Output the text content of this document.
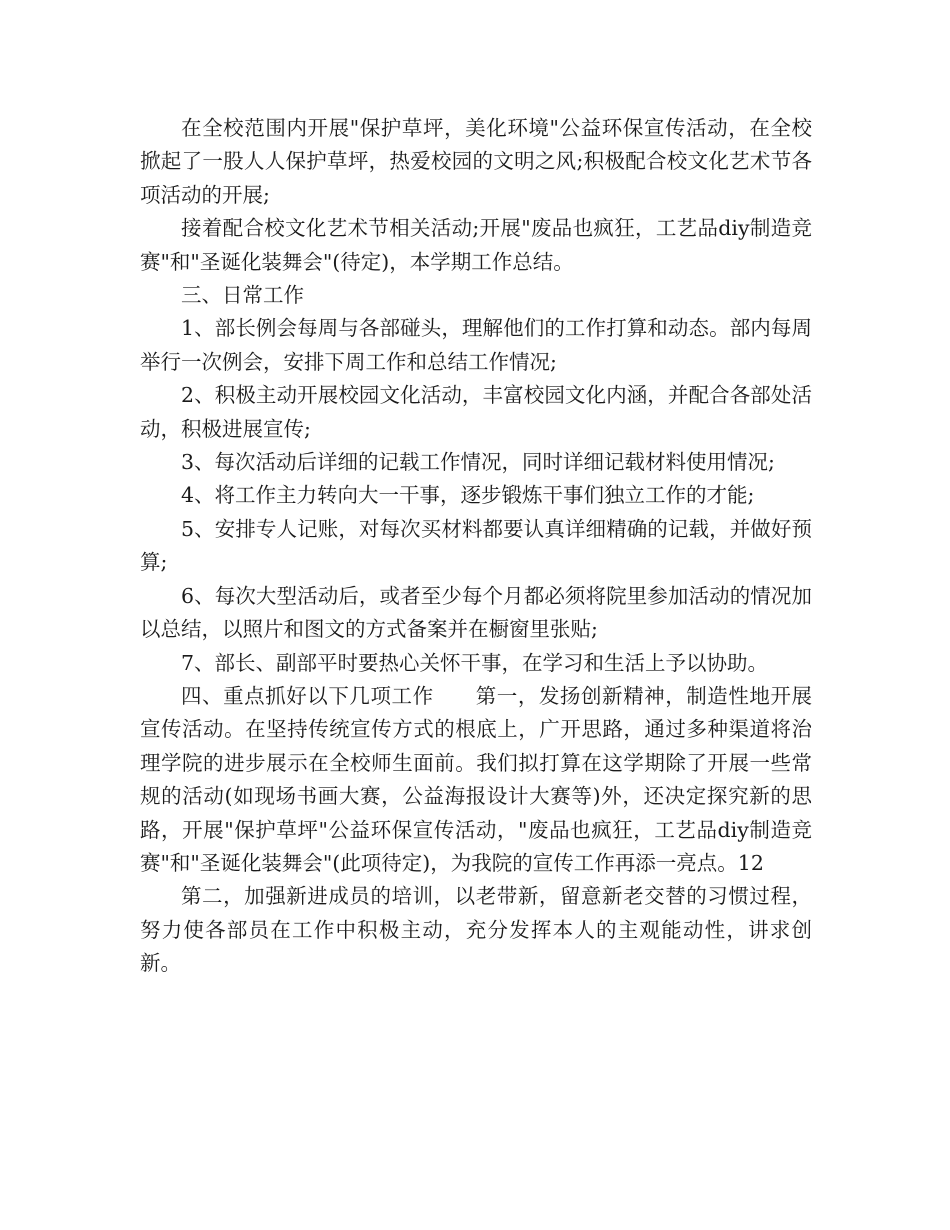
在全校范围内开展"保护草坪，美化环境"公益环保宣传活动，在全校掀起了一股人人保护草坪，热爱校园的文明之风;积极配合校文化艺术节各项活动的开展;

接着配合校文化艺术节相关活动;开展"废品也疯狂，工艺品diy制造竞赛"和"圣诞化装舞会"(待定)，本学期工作总结。

三、日常工作

1、部长例会每周与各部碰头，理解他们的工作打算和动态。部内每周举行一次例会，安排下周工作和总结工作情况;

2、积极主动开展校园文化活动，丰富校园文化内涵，并配合各部处活动，积极进展宣传;

3、每次活动后详细的记载工作情况，同时详细记载材料使用情况;

4、将工作主力转向大一干事，逐步锻炼干事们独立工作的才能;

5、安排专人记账，对每次买材料都要认真详细精确的记载，并做好预算;

6、每次大型活动后，或者至少每个月都必须将院里参加活动的情况加以总结，以照片和图文的方式备案并在橱窗里张贴;

7、部长、副部平时要热心关怀干事，在学习和生活上予以协助。

四、重点抓好以下几项工作　　第一，发扬创新精神，制造性地开展宣传活动。在坚持传统宣传方式的根底上，广开思路，通过多种渠道将治理学院的进步展示在全校师生面前。我们拟打算在这学期除了开展一些常规的活动(如现场书画大赛，公益海报设计大赛等)外，还决定探究新的思路，开展"保护草坪"公益环保宣传活动，"废品也疯狂，工艺品diy制造竞赛"和"圣诞化装舞会"(此项待定)，为我院的宣传工作再添一亮点。12

第二，加强新进成员的培训，以老带新，留意新老交替的习惯过程，努力使各部员在工作中积极主动，充分发挥本人的主观能动性，讲求创新。
